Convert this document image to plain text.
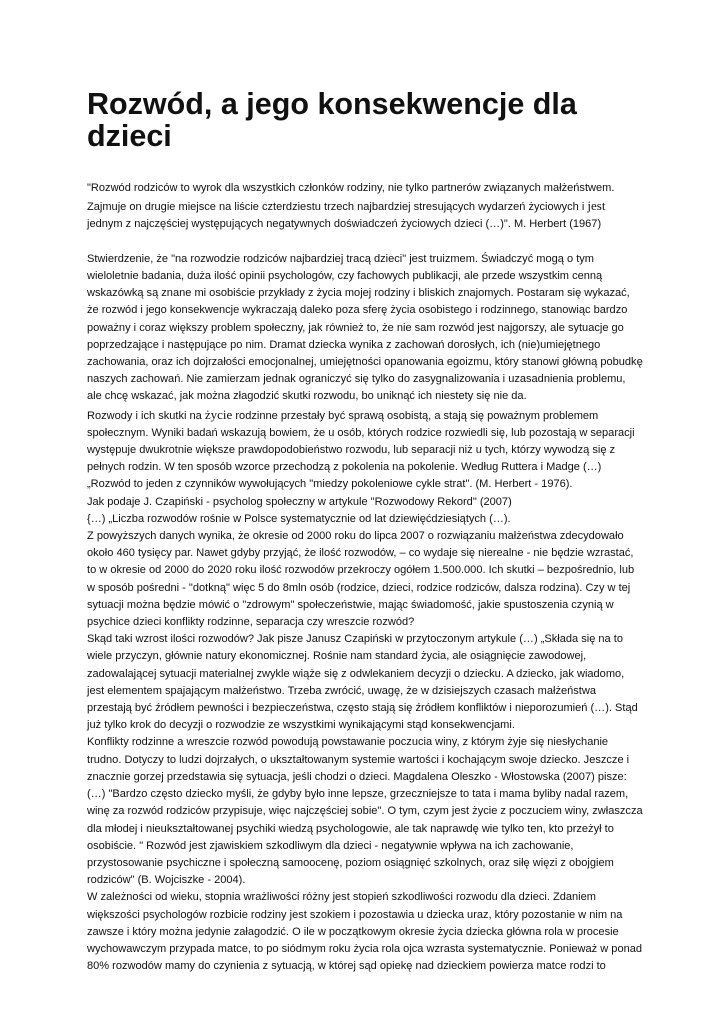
Rozwód, a jego konsekwencje dla dzieci

"Rozwód rodziców to wyrok dla wszystkich członków rodziny, nie tylko partnerów związanych małżeństwem. Zajmuje on drugie miejsce na liście czterdziestu trzech najbardziej stresujących wydarzeń życiowych i jest jednym z najczęściej występujących negatywnych doświadczeń życiowych dzieci (…)". M. Herbert (1967)

Stwierdzenie, że "na rozwodzie rodziców najbardziej tracą dzieci" jest truizmem. Świadczyć mogą o tym wieloletnie badania, duża ilość opinii psychologów, czy fachowych publikacji, ale przede wszystkim cenną wskazówką są znane mi osobiście przykłady z życia mojej rodziny i bliskich znajomych. Postaram się wykazać, że rozwód i jego konsekwencje wykraczają daleko poza sferę życia osobistego i rodzinnego, stanowiąc bardzo poważny i coraz większy problem społeczny, jak również to, że nie sam rozwód jest najgorszy, ale sytuacje go poprzedzające i następujące po nim. Dramat dziecka wynika z zachowań dorosłych, ich (nie)umiejętnego zachowania, oraz ich dojrzałości emocjonalnej, umiejętności opanowania egoizmu, który stanowi główną pobudkę naszych zachowań. Nie zamierzam jednak ograniczyć się tylko do zasygnalizowania i uzasadnienia problemu, ale chcę wskazać, jak można złagodzić skutki rozwodu, bo uniknąć ich niestety się nie da.

Rozwody i ich skutki na życie rodzinne przestały być sprawą osobistą, a stają się poważnym problemem społecznym. Wyniki badań wskazują bowiem, że u osób, których rodzice rozwiedli się, lub pozostają w separacji występuje dwukrotnie większe prawdopodobieństwo rozwodu, lub separacji niż u tych, którzy wywodzą się z pełnych rodzin. W ten sposób wzorce przechodzą z pokolenia na pokolenie. Według Ruttera i Madge (…) „Rozwód to jeden z czynników wywołujących "miedzy pokoleniowe cykle strat". (M. Herbert - 1976).

Jak podaje J. Czapiński - psycholog społeczny w artykule "Rozwodowy Rekord" (2007)

{…) „Liczba rozwodów rośnie w Polsce systematycznie od lat dziewięćdziesiątych (…).

Z powyższych danych wynika, że okresie od 2000 roku do lipca 2007 o rozwiązaniu małżeństwa zdecydowało około 460 tysięcy par. Nawet gdyby przyjąć, że ilość rozwodów, – co wydaje się nierealne - nie będzie wzrastać, to w okresie od 2000 do 2020 roku ilość rozwodów przekroczy ogółem 1.500.000. Ich skutki – bezpośrednio, lub w sposób pośredni - "dotkną" więc 5 do 8mln osób (rodzice, dzieci, rodzice rodziców, dalsza rodzina). Czy w tej sytuacji można będzie mówić o "zdrowym" społeczeństwie, mając świadomość, jakie spustoszenia czynią w psychice dzieci konflikty rodzinne, separacja czy wreszcie rozwód?

Skąd taki wzrost ilości rozwodów? Jak pisze Janusz Czapiński w przytoczonym artykule (…) „Składa się na to wiele przyczyn, głównie natury ekonomicznej. Rośnie nam standard życia, ale osiągnięcie zawodowej, zadowalającej sytuacji materialnej zwykle wiąże się z odwlekaniem decyzji o dziecku. A dziecko, jak wiadomo, jest elementem spajającym małżeństwo. Trzeba zwrócić, uwagę, że w dzisiejszych czasach małżeństwa przestają być źródłem pewności i bezpieczeństwa, często stają się źródłem konfliktów i nieporozumień (…). Stąd już tylko krok do decyzji o rozwodzie ze wszystkimi wynikającymi stąd konsekwencjami.

Konflikty rodzinne a wreszcie rozwód powodują powstawanie poczucia winy, z którym żyje się niesłychanie trudno. Dotyczy to ludzi dojrzałych, o ukształtowanym systemie wartości i kochającym swoje dziecko. Jeszcze i znacznie gorzej przedstawia się sytuacja, jeśli chodzi o dzieci. Magdalena Oleszko - Włostowska (2007) pisze: (…) "Bardzo często dziecko myśli, że gdyby było inne lepsze, grzeczniejsze to tata i mama byliby nadal razem, winę za rozwód rodziców przypisuje, więc najczęściej sobie". O tym, czym jest życie z poczuciem winy, zwłaszcza dla młodej i nieukształtowanej psychiki wiedzą psychologowie, ale tak naprawdę wie tylko ten, kto przeżył to osobiście. " Rozwód jest zjawiskiem szkodliwym dla dzieci - negatywnie wpływa na ich zachowanie, przystosowanie psychiczne i społeczną samoocenę, poziom osiągnięć szkolnych, oraz siłę więzi z obojgiem rodziców" (B. Wojciszke - 2004).

W zależności od wieku, stopnia wrażliwości różny jest stopień szkodliwości rozwodu dla dzieci. Zdaniem większości psychologów rozbicie rodziny jest szokiem i pozostawia u dziecka uraz, który pozostanie w nim na zawsze i który można jedynie załagodzić. O ile w początkowym okresie życia dziecka główna rola w procesie wychowawczym przypada matce, to po siódmym roku życia rola ojca wzrasta systematycznie. Ponieważ w ponad 80% rozwodów mamy do czynienia z sytuacją, w której sąd opiekę nad dzieckiem powierza matce rodzi to
